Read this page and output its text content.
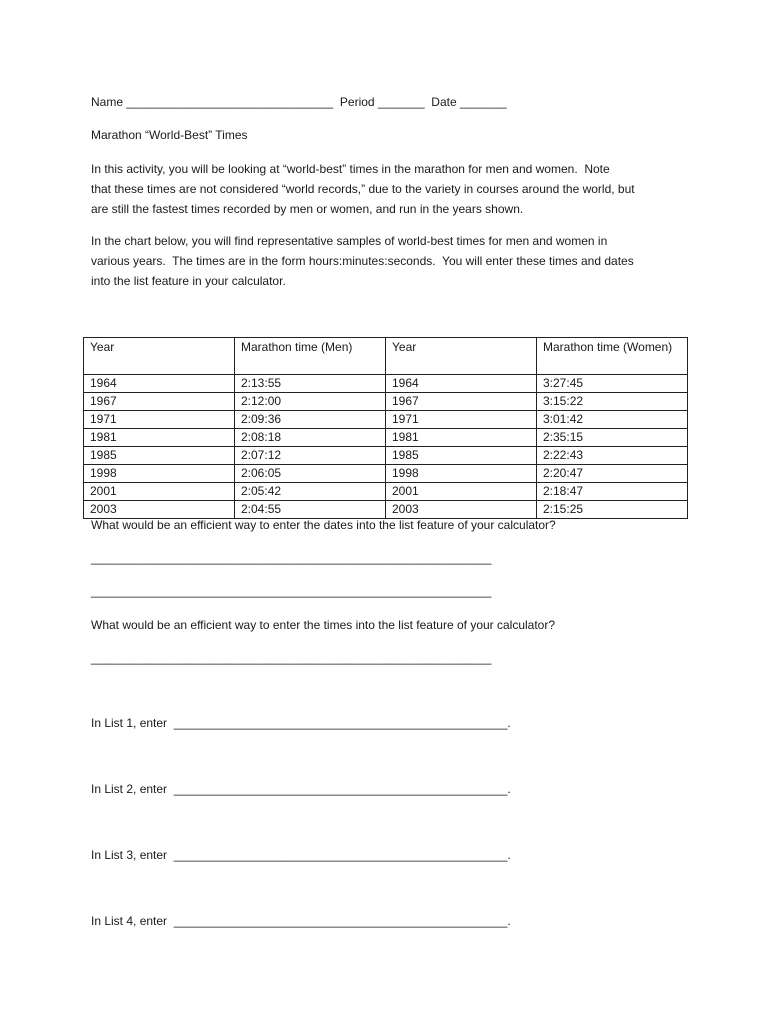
Name _______________________________  Period _______  Date _______
Marathon “World-Best” Times
In this activity, you will be looking at “world-best” times in the marathon for men and women.  Note
that these times are not considered “world records,” due to the variety in courses around the world, but
are still the fastest times recorded by men or women, and run in the years shown.
In the chart below, you will find representative samples of world-best times for men and women in
various years.  The times are in the form hours:minutes:seconds.  You will enter these times and dates
into the list feature in your calculator.
Year	Marathon time (Men)	Year	Marathon time (Women)
1964	2:13:55	1964	3:27:45
1967	2:12:00	1967	3:15:22
1971	2:09:36	1971	3:01:42
1981	2:08:18	1981	2:35:15
1985	2:07:12	1985	2:22:43
1998	2:06:05	1998	2:20:47
2001	2:05:42	2001	2:18:47
2003	2:04:55	2003	2:15:25
What would be an efficient way to enter the dates into the list feature of your calculator?
____________________________________________________________
____________________________________________________________
What would be an efficient way to enter the times into the list feature of your calculator?
____________________________________________________________
In List 1, enter  __________________________________________________.
In List 2, enter  __________________________________________________.
In List 3, enter  __________________________________________________.
In List 4, enter  __________________________________________________.
